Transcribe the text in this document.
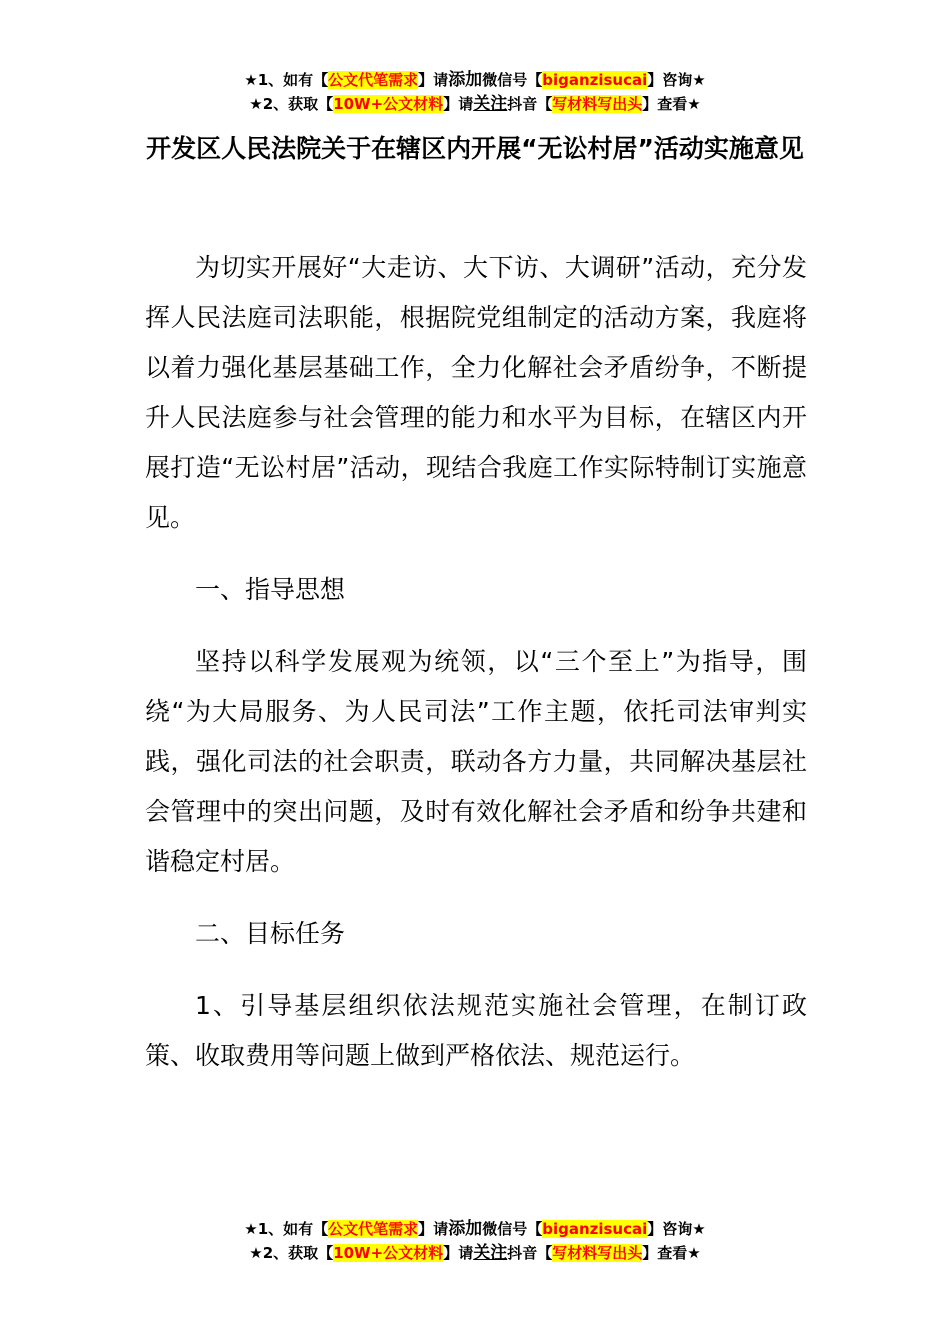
★1、如有【公文代笔需求】请添加微信号【biganzisucai】咨询★
★2、获取【10W+公文材料】请关注抖音【写材料写出头】查看★
开发区人民法院关于在辖区内开展“无讼村居”活动实施意见

为切实开展好“大走访、大下访、大调研”活动，充分发挥人民法庭司法职能，根据院党组制定的活动方案，我庭将以着力强化基层基础工作，全力化解社会矛盾纷争，不断提升人民法庭参与社会管理的能力和水平为目标，在辖区内开展打造“无讼村居”活动，现结合我庭工作实际特制订实施意见。

一、指导思想

坚持以科学发展观为统领，以“三个至上”为指导，围绕“为大局服务、为人民司法”工作主题，依托司法审判实践，强化司法的社会职责，联动各方力量，共同解决基层社会管理中的突出问题，及时有效化解社会矛盾和纷争共建和谐稳定村居。

二、目标任务

1、引导基层组织依法规范实施社会管理，在制订政策、收取费用等问题上做到严格依法、规范运行。

★1、如有【公文代笔需求】请添加微信号【biganzisucai】咨询★
★2、获取【10W+公文材料】请关注抖音【写材料写出头】查看★
